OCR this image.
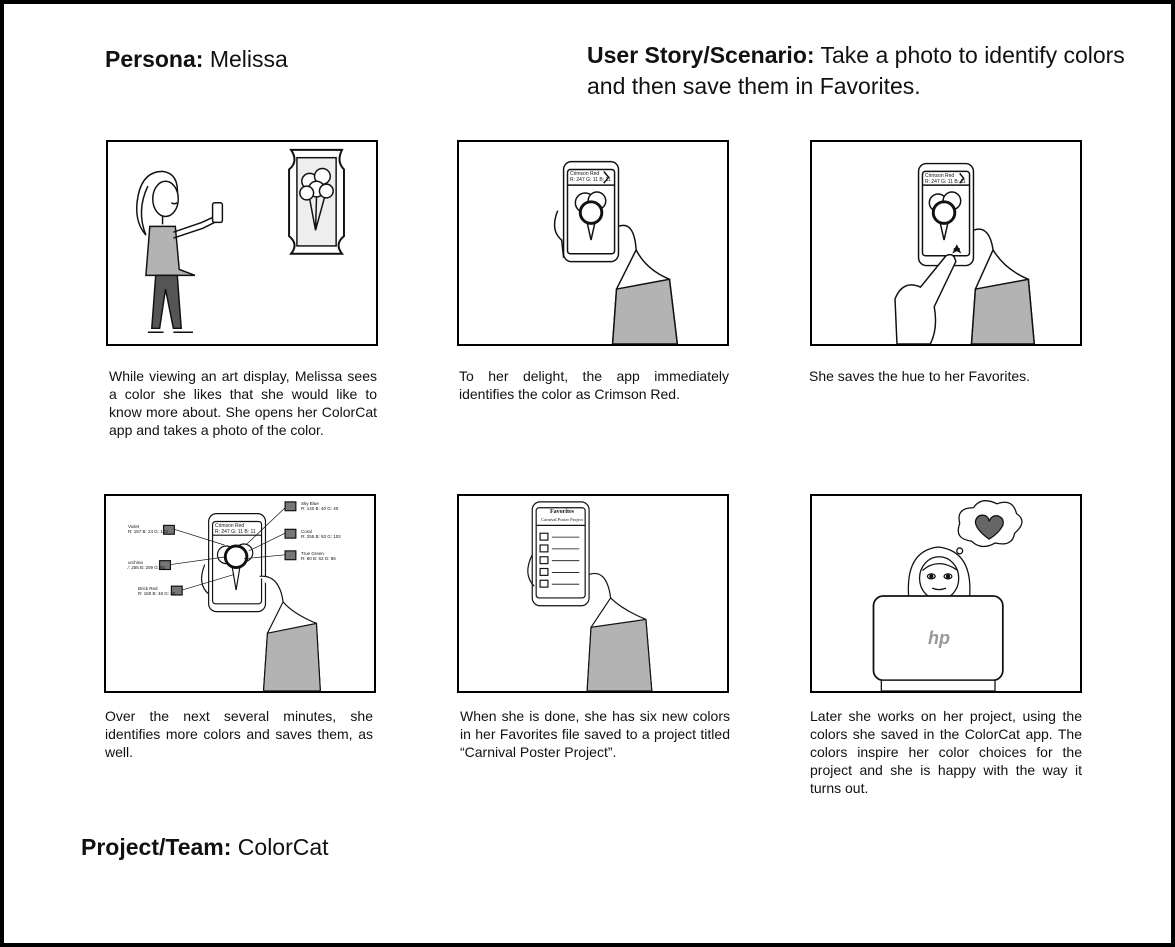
Persona: Melissa	User Story/Scenario: Take a photo to identify colors and then save them in Favorites.
While viewing an art display, Melissa sees a color she likes that she would like to know more about. She opens her ColorCat app and takes a photo of the color.
Crimson Red
R: 247 G: 11 B: 11
To her delight, the app immediately identifies the color as Crimson Red.
Crimson Red
R: 247 G: 11 B: 11
She saves the hue to her Favorites.
Crimson Red
R: 247 G: 11 B: 11
Violet
R: 157 B: 24 G: 103
urchina
∕: 255 B: 209 G: 91
Brick Red
R: 160 B: 48 G: 40
Sky Blue
R: 140 B: 40 G: 40
Coral
R: 255 B: 93 G: 102
True Green
R: 80 B: 52 G: 86
Over the next several minutes, she identifies more colors and saves them, as well.
Favorites
Carnival Poster Project
When she is done, she has six new colors in her Favorites file saved to a project titled “Carnival Poster Project”.
hp
Later she works on her project, using the colors she saved in the ColorCat app. The colors inspire her color choices for the project and she is happy with the way it turns out.
Project/Team: ColorCat
